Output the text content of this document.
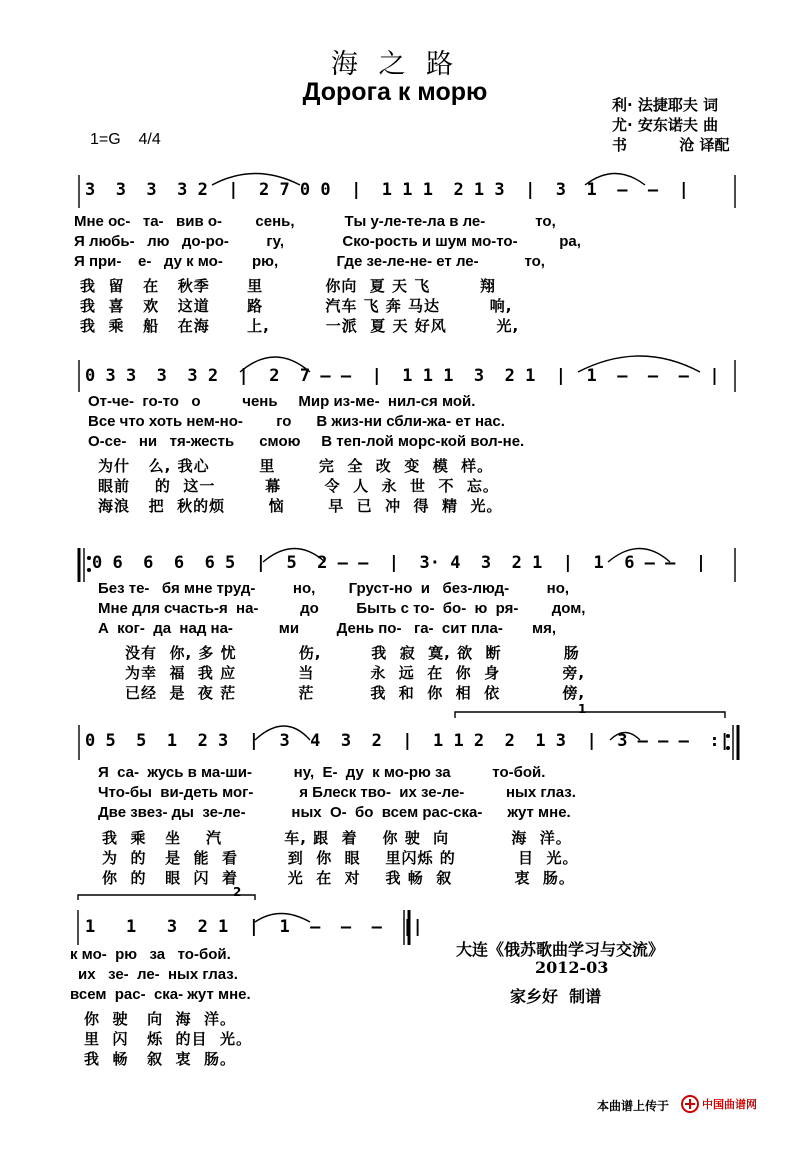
海 之 路
Дорога к морю	利· 法捷耶夫 词
尤· 安东诺夫 曲
书          沧 译配
1=G    4/4
3  3  3  3 2  |  2 7 0 0  |  1 1 1  2 1 3  |  3  1  –  –  |
Мне ос-   та-   вив о-        сень,            Ты у-ле-те-ла в ле-            то,
Я любь-   лю   до-ро-         гу,              Ско-рость и шум мо-то-          ра,
Я при-    е-   ду к мо-       рю,              Где зе-ле-не- ет ле-           то,
我  留   在   秋季      里          你向  夏 天 飞        翔
我  喜   欢   这道      路          汽车 飞 奔 马达        响,
我  乘   船   在海      上,         一派  夏 天 好风        光,
0 3 3  3  3 2  |  2  7 – –  |  1 1 1  3  2 1  |  1  –  –  –  |
От-че-  го-то   о          чень     Мир из-ме-  нил-ся мой.
Все что хоть нем-но-        го      В жиз-ни сбли-жа- ет нас.
О-се-   ни   тя-жесть      смою     В теп-лой морс-кой вол-не.
为什   么, 我心        里       完  全  改  变  模  样。
眼前    的  这一        幕       令  人  永  世  不  忘。
海浪   把  秋的烦       恼       早  已  冲  得  精  光。
0 6  6  6  6 5  |  5  2 – –  |  3· 4  3  2 1  |  1  6 – –  |
Без те-   бя мне труд-         но,        Груст-но  и   без-люд-         но,
Мне для счасть-я  на-          до         Быть с то-  бо-  ю  ря-        дом,
А  ког-  да  над на-           ми         День по-   га-  сит пла-       мя,
没有  你, 多 忧          伤,        我  寂  寞, 欲  断          肠
为幸  福  我 应          当         永  远  在  你  身          旁,
已经  是  夜 茫          茫         我  和  你  相  依          傍,
1
2
0 5  5  1  2 3  |  3  4  3  2  |  1 1 2  2  1 3  |  3 – – –  :|
Я  са-  жусь в ма-ши-          ну,  Е-  ду  к мо-рю за          то-бой.
Что-бы  ви-деть мог-           я Блеск тво-  их зе-ле-          ных глаз.
Две звез- ды  зе-ле-           ных  О-  бо  всем рас-ска-      жут мне.
我  乘   坐    汽          车, 跟  着    你 驶  向          海  洋。
为  的   是  能  看        到  你  眼    里闪烁 的          目  光。
你  的   眼  闪  着        光  在  对    我 畅  叙          衷  肠。
1   1   3  2 1  |  1  –  –  –  ||
к мо-  рю   за   то-бой.
их   зе-  ле-  ных глаз.
всем  рас-  ска- жут мне.
你  驶   向  海  洋。
里  闪   烁  的目  光。
我  畅   叙  衷  肠。
大连《俄苏歌曲学习与交流》
2012-03
家乡好  制谱
本曲谱上传于

	中国曲谱网
